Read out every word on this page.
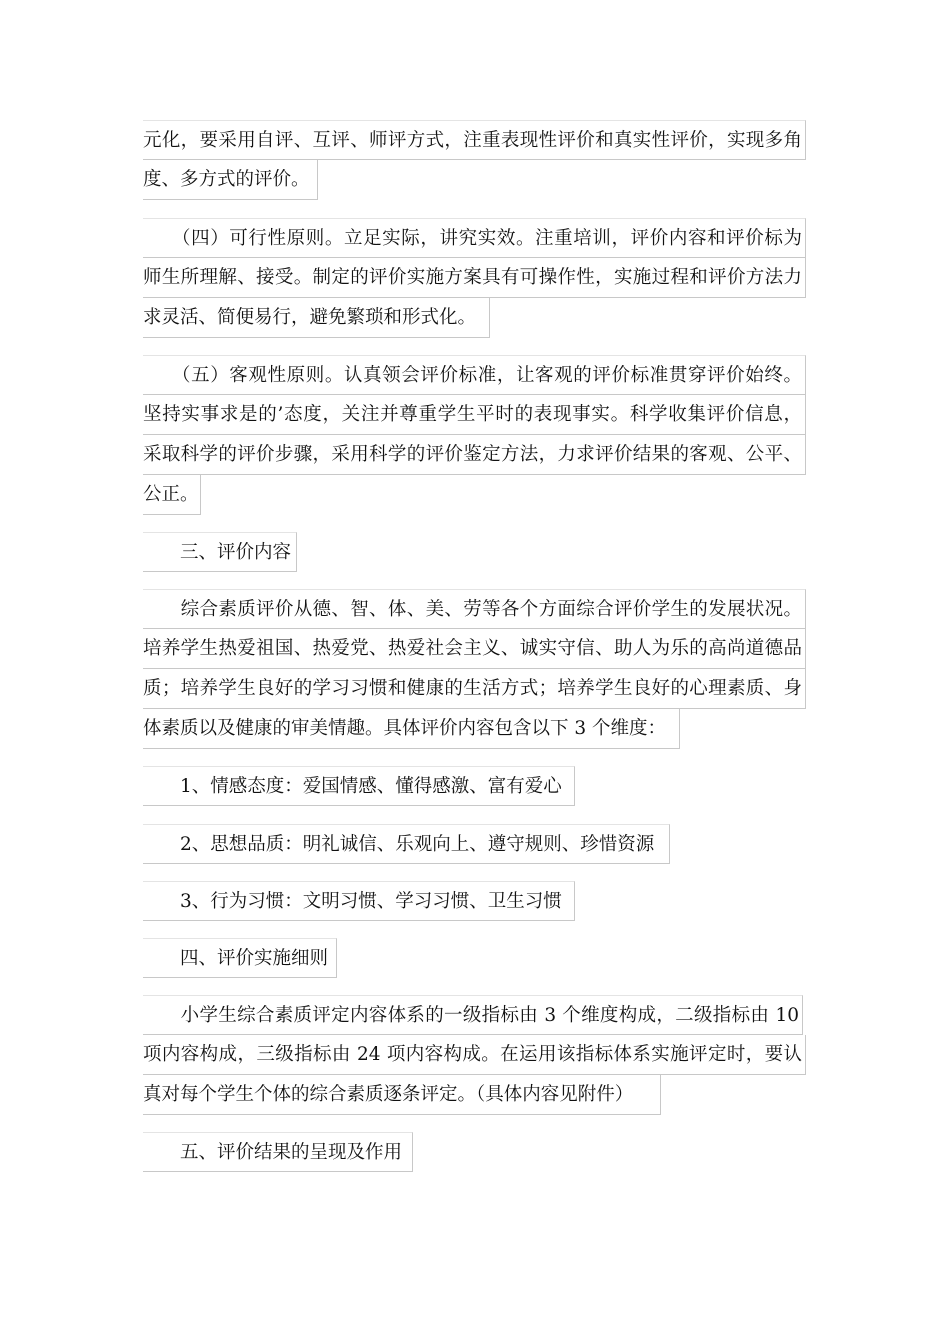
元化，要采用自评、互评、师评方式，注重表现性评价和真实性评价，实现多角
度、多方式的评价。
　　（四）可行性原则。立足实际，讲究实效。注重培训，评价内容和评价标为
师生所理解、接受。制定的评价实施方案具有可操作性，实施过程和评价方法力
求灵活、简便易行，避免繁琐和形式化。
　　（五）客观性原则。认真领会评价标准，让客观的评价标准贯穿评价始终。
坚持实事求是的’态度，关注并尊重学生平时的表现事实。科学收集评价信息，
采取科学的评价步骤，采用科学的评价鉴定方法，力求评价结果的客观、公平、
公正。
　　三、评价内容
　　综合素质评价从德、智、体、美、劳等各个方面综合评价学生的发展状况。
培养学生热爱祖国、热爱党、热爱社会主义、诚实守信、助人为乐的高尚道德品
质；培养学生良好的学习习惯和健康的生活方式；培养学生良好的心理素质、身
体素质以及健康的审美情趣。具体评价内容包含以下 3 个维度：
　　1、情感态度：爱国情感、懂得感激、富有爱心
　　2、思想品质：明礼诚信、乐观向上、遵守规则、珍惜资源
　　3、行为习惯：文明习惯、学习习惯、卫生习惯
　　四、评价实施细则
　　小学生综合素质评定内容体系的一级指标由 3 个维度构成，二级指标由 10
项内容构成，三级指标由 24 项内容构成。在运用该指标体系实施评定时，要认
真对每个学生个体的综合素质逐条评定。（具体内容见附件）
　　五、评价结果的呈现及作用
